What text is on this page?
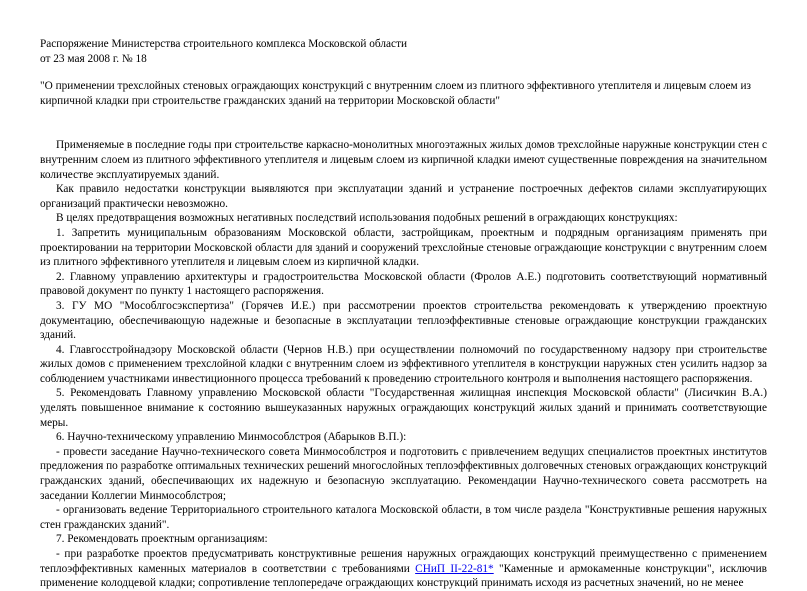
Распоряжение Министерства строительного комплекса Московской области

от 23 мая 2008 г. № 18

"О применении трехслойных стеновых ограждающих конструкций с внутренним слоем из плитного эффективного утеплителя и лицевым слоем из кирпичной кладки при строительстве гражданских зданий на территории Московской области"

Применяемые в последние годы при строительстве каркасно-монолитных многоэтажных жилых домов трехслойные наружные конструкции стен с внутренним слоем из плитного эффективного утеплителя и лицевым слоем из кирпичной кладки имеют существенные повреждения на значительном количестве эксплуатируемых зданий.

Как правило недостатки конструкции выявляются при эксплуатации зданий и устранение построечных дефектов силами эксплуатирующих организаций практически невозможно.

В целях предотвращения возможных негативных последствий использования подобных решений в ограждающих конструкциях:

1. Запретить муниципальным образованиям Московской области, застройщикам, проектным и подрядным организациям применять при проектировании на территории Московской области для зданий и сооружений трехслойные стеновые ограждающие конструкции с внутренним слоем из плитного эффективного утеплителя и лицевым слоем из кирпичной кладки.

2. Главному управлению архитектуры и градостроительства Московской области (Фролов А.Е.) подготовить соответствующий нормативный правовой документ по пункту 1 настоящего распоряжения.

3. ГУ МО "Мособлгосэкспертиза" (Горячев И.Е.) при рассмотрении проектов строительства рекомендовать к утверждению проектную документацию, обеспечивающую надежные и безопасные в эксплуатации теплоэффективные стеновые ограждающие конструкции гражданских зданий.

4. Главгосстройнадзору Московской области (Чернов Н.В.) при осуществлении полномочий по государственному надзору при строительстве жилых домов с применением трехслойной кладки с внутренним слоем из эффективного утеплителя в конструкции наружных стен усилить надзор за соблюдением участниками инвестиционного процесса требований к проведению строительного контроля и выполнения настоящего распоряжения.

5. Рекомендовать Главному управлению Московской области "Государственная жилищная инспекция Московской области" (Лисичкин В.А.) уделять повышенное внимание к состоянию вышеуказанных наружных ограждающих конструкций жилых зданий и принимать соответствующие меры.

6. Научно-техническому управлению Минмособлстроя (Абарыков В.П.):

- провести заседание Научно-технического совета Минмособлстроя и подготовить с привлечением ведущих специалистов проектных институтов предложения по разработке оптимальных технических решений многослойных теплоэффективных долговечных стеновых ограждающих конструкций гражданских зданий, обеспечивающих их надежную и безопасную эксплуатацию. Рекомендации Научно-технического совета рассмотреть на заседании Коллегии Минмособлстроя;

- организовать ведение Территориального строительного каталога Московской области, в том числе раздела "Конструктивные решения наружных стен гражданских зданий".

7. Рекомендовать проектным организациям:

- при разработке проектов предусматривать конструктивные решения наружных ограждающих конструкций преимущественно с применением теплоэффективных каменных материалов в соответствии с требованиями СНиП II-22-81* "Каменные и армокаменные конструкции", исключив применение колодцевой кладки; сопротивление теплопередаче ограждающих конструкций принимать исходя из расчетных значений, но не менее
